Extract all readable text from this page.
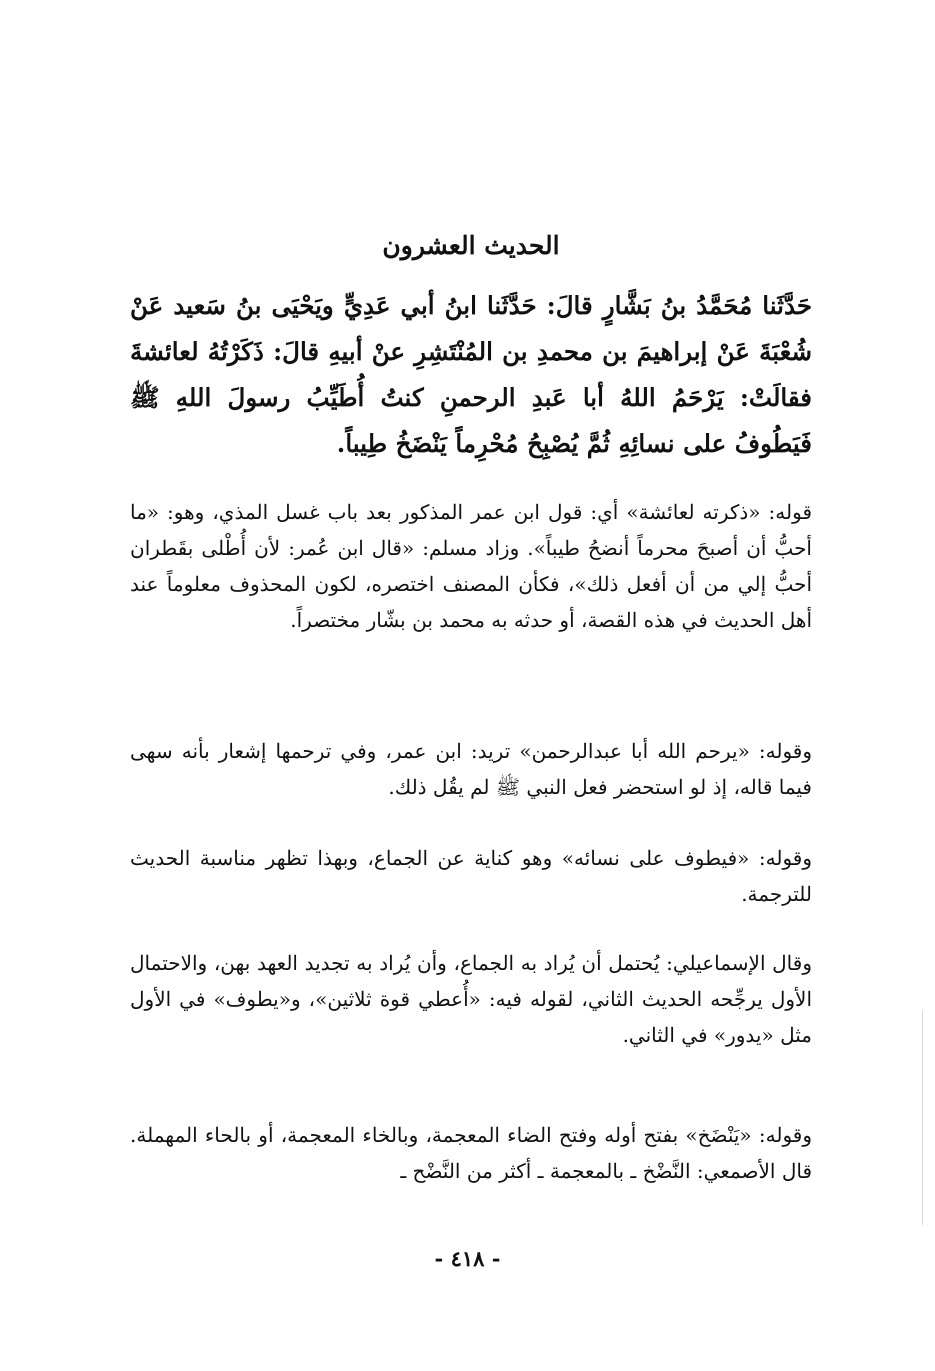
الحديث العشرون
حَدَّثَنا مُحَمَّدُ بنُ بَشَّارٍ قالَ: حَدَّثَنا ابنُ أبي عَدِيٍّ ويَحْيَى بنُ سَعيد عَنْ شُعْبَةَ عَنْ إبراهيمَ بن محمدِ بن المُنْتَشِرِ عنْ أبيهِ قالَ: ذَكَرْتُهُ لعائشةَ فقالَتْ: يَرْحَمُ اللهُ أبا عَبدِ الرحمنِ كنتُ أُطَيِّبُ رسولَ اللهِ ﷺ فَيَطُوفُ على نسائِهِ ثُمَّ يُصْبِحُ مُحْرِماً يَنْضَخُ طِيباً.
قوله: «ذكرته لعائشة» أي: قول ابن عمر المذكور بعد باب غسل المذي، وهو: «ما أحبُّ أن أصبحَ محرماً أنضحُ طيباً». وزاد مسلم: «قال ابن عُمر: لأن أُطْلى بقَطران أحبُّ إلي من أن أفعل ذلك»، فكأن المصنف اختصره، لكون المحذوف معلوماً عند أهل الحديث في هذه القصة، أو حدثه به محمد بن بشّار مختصراً.
وقوله: «يرحم الله أبا عبدالرحمن» تريد: ابن عمر، وفي ترحمها إشعار بأنه سهى فيما قاله، إذ لو استحضر فعل النبي ﷺ لم يقُل ذلك.
وقوله: «فيطوف على نسائه» وهو كناية عن الجماع، وبهذا تظهر مناسبة الحديث للترجمة.
وقال الإسماعيلي: يُحتمل أن يُراد به الجماع، وأن يُراد به تجديد العهد بهن، والاحتمال الأول يرجِّحه الحديث الثاني، لقوله فيه: «أُعطي قوة ثلاثين»، و«يطوف» في الأول مثل «يدور» في الثاني.
وقوله: «يَنْضَخ» بفتح أوله وفتح الضاء المعجمة، وبالخاء المعجمة، أو بالحاء المهملة. قال الأصمعي: النَّضْخ ـ بالمعجمة ـ أكثر من النَّضْح ـ
- ٤١٨ -
